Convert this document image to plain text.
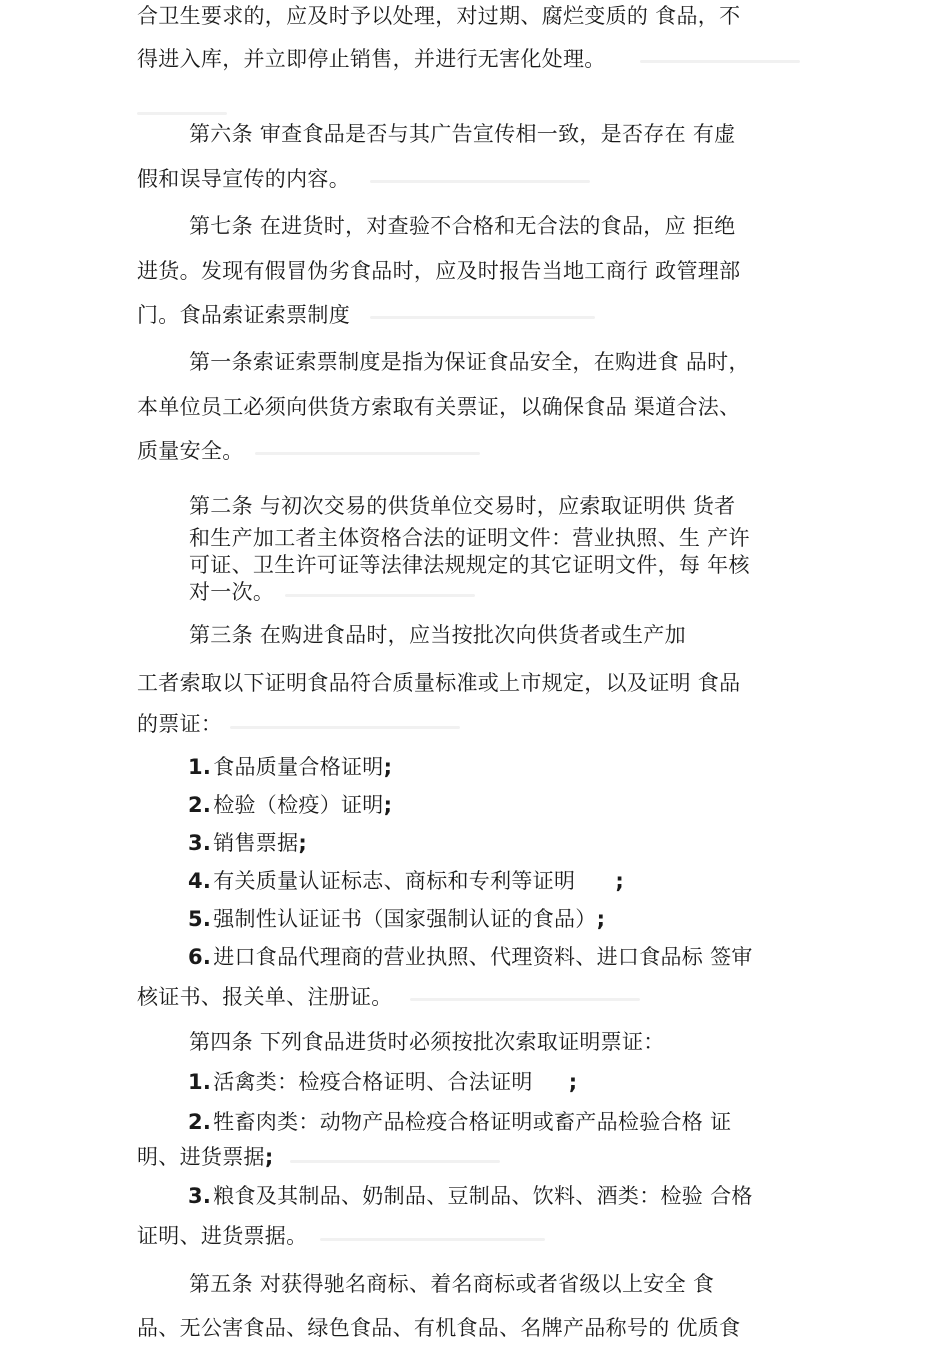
合卫生要求的，应及时予以处理，对过期、腐烂变质的 食品，不
得进入库，并立即停止销售，并进行无害化处理。
第六条 审查食品是否与其广告宣传相一致，是否存在 有虚
假和误导宣传的内容。
第七条 在进货时，对查验不合格和无合法的食品，应 拒绝
进货。发现有假冒伪劣食品时，应及时报告当地工商行 政管理部
门。食品索证索票制度
第一条索证索票制度是指为保证食品安全，在购进食 品时，
本单位员工必须向供货方索取有关票证，以确保食品 渠道合法、
质量安全。
第二条 与初次交易的供货单位交易时，应索取证明供 货者
和生产加工者主体资格合法的证明文件：营业执照、生 产许
可证、卫生许可证等法律法规规定的其它证明文件，每 年核
对一次。
第三条 在购进食品时，应当按批次向供货者或生产加
工者索取以下证明食品符合质量标准或上市规定，以及证明 食品
的票证：
1.食品质量合格证明;
2.检验（检疫）证明;
3.销售票据;
4.有关质量认证标志、商标和专利等证明 ;
5.强制性认证证书（国家强制认证的食品）;
6.进口食品代理商的营业执照、代理资料、进口食品标 签审
核证书、报关单、注册证。
第四条 下列食品进货时必须按批次索取证明票证：
1.活禽类：检疫合格证明、合法证明 ;
2.牲畜肉类：动物产品检疫合格证明或畜产品检验合格 证
明、进货票据;
3.粮食及其制品、奶制品、豆制品、饮料、酒类：检验 合格
证明、进货票据。
第五条 对获得驰名商标、着名商标或者省级以上安全 食
品、无公害食品、绿色食品、有机食品、名牌产品称号的 优质食
